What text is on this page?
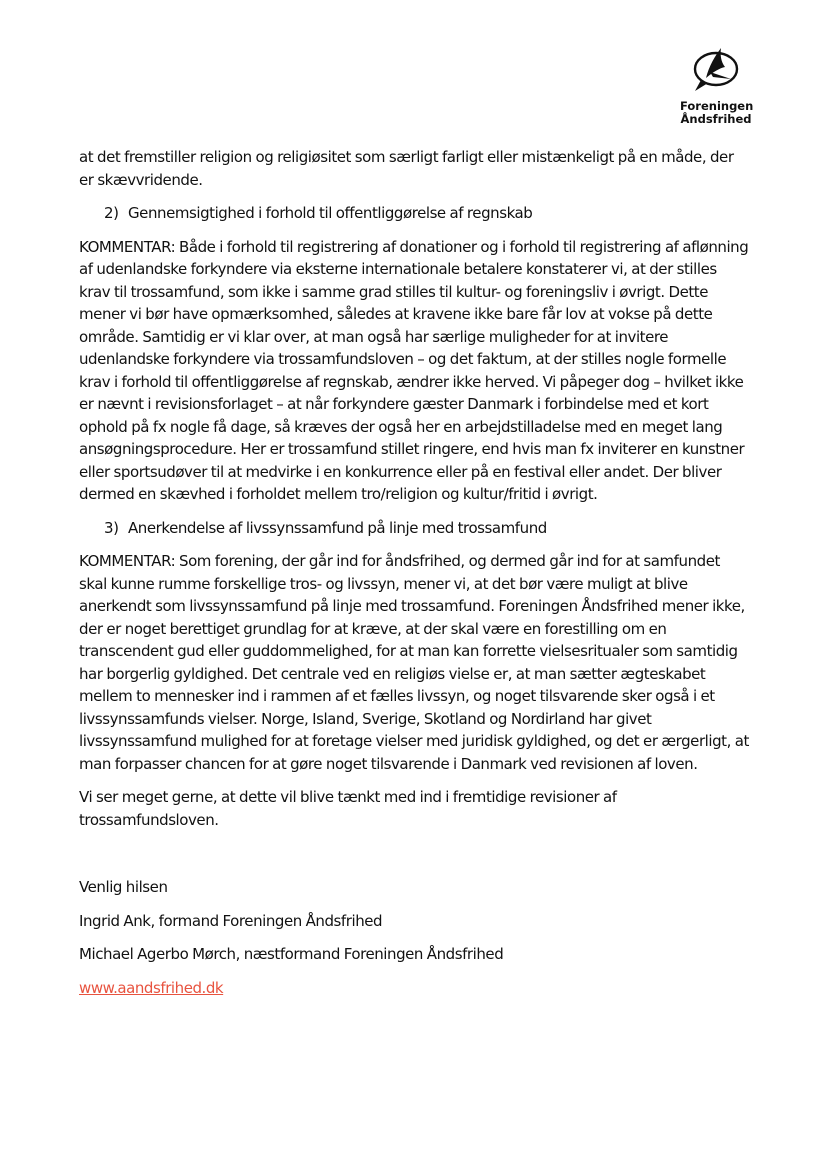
Foreningen
Åndsfrihed

at det fremstiller religion og religiøsitet som særligt farligt eller mistænkeligt på en måde, der er skævvridende.

2) Gennemsigtighed i forhold til offentliggørelse af regnskab

KOMMENTAR: Både i forhold til registrering af donationer og i forhold til registrering af aflønning af udenlandske forkyndere via eksterne internationale betalere konstaterer vi, at der stilles krav til trossamfund, som ikke i samme grad stilles til kultur- og foreningsliv i øvrigt. Dette mener vi bør have opmærksomhed, således at kravene ikke bare får lov at vokse på dette område. Samtidig er vi klar over, at man også har særlige muligheder for at invitere udenlandske forkyndere via trossamfundsloven – og det faktum, at der stilles nogle formelle krav i forhold til offentliggørelse af regnskab, ændrer ikke herved. Vi påpeger dog – hvilket ikke er nævnt i revisionsforlaget – at når forkyndere gæster Danmark i forbindelse med et kort ophold på fx nogle få dage, så kræves der også her en arbejdstilladelse med en meget lang ansøgningsprocedure. Her er trossamfund stillet ringere, end hvis man fx inviterer en kunstner eller sportsudøver til at medvirke i en konkurrence eller på en festival eller andet. Der bliver dermed en skævhed i forholdet mellem tro/religion og kultur/fritid i øvrigt.

3) Anerkendelse af livssynssamfund på linje med trossamfund

KOMMENTAR: Som forening, der går ind for åndsfrihed, og dermed går ind for at samfundet skal kunne rumme forskellige tros- og livssyn, mener vi, at det bør være muligt at blive anerkendt som livssynssamfund på linje med trossamfund. Foreningen Åndsfrihed mener ikke, der er noget berettiget grundlag for at kræve, at der skal være en forestilling om en transcendent gud eller guddommelighed, for at man kan forrette vielsesritualer som samtidig har borgerlig gyldighed. Det centrale ved en religiøs vielse er, at man sætter ægteskabet mellem to mennesker ind i rammen af et fælles livssyn, og noget tilsvarende sker også i et livssynssamfunds vielser. Norge, Island, Sverige, Skotland og Nordirland har givet livssynssamfund mulighed for at foretage vielser med juridisk gyldighed, og det er ærgerligt, at man forpasser chancen for at gøre noget tilsvarende i Danmark ved revisionen af loven.

Vi ser meget gerne, at dette vil blive tænkt med ind i fremtidige revisioner af trossamfundsloven.

Venlig hilsen

Ingrid Ank, formand Foreningen Åndsfrihed

Michael Agerbo Mørch, næstformand Foreningen Åndsfrihed

www.aandsfrihed.dk
